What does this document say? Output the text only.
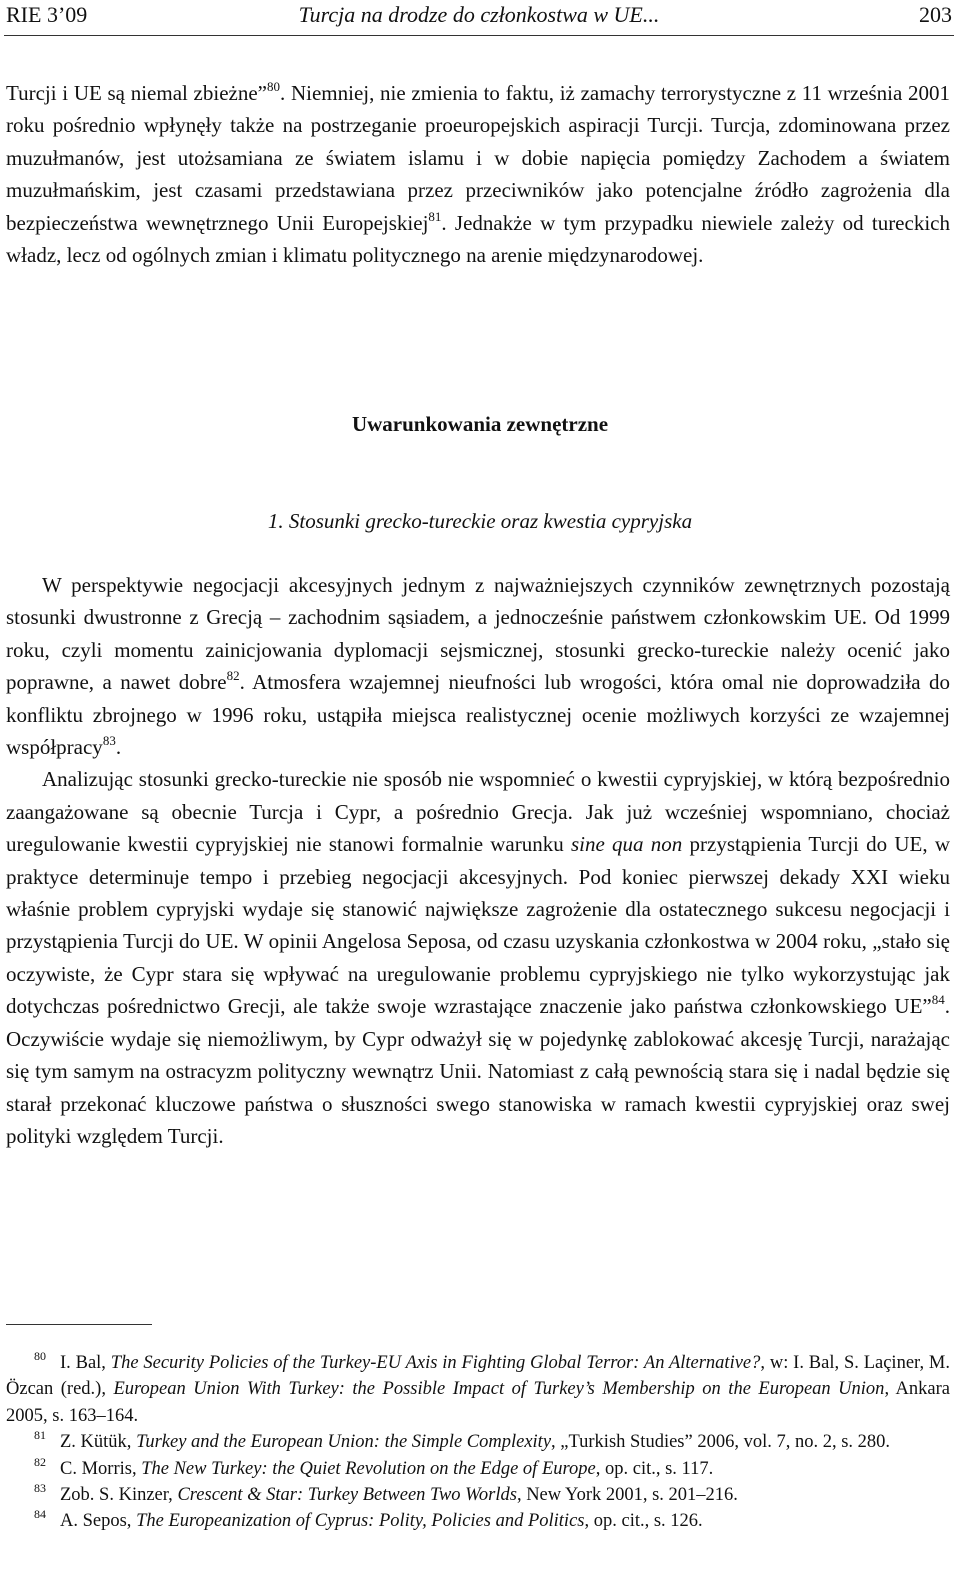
RIE 3’09	Turcja na drodze do członkostwa w UE...	203

Turcji i UE są niemal zbieżne”$^{80}$. Niemniej, nie zmienia to faktu, iż zamachy terrorystyczne z 11 września 2001 roku pośrednio wpłynęły także na postrzeganie proeuropejskich aspiracji Turcji. Turcja, zdominowana przez muzułmanów, jest utożsamiana ze światem islamu i w dobie napięcia pomiędzy Zachodem a światem muzułmańskim, jest czasami przedstawiana przez przeciwników jako potencjalne źródło zagrożenia dla bezpieczeństwa wewnętrznego Unii Europejskiej$^{81}$. Jednakże w tym przypadku niewiele zależy od tureckich władz, lecz od ogólnych zmian i klimatu politycznego na arenie międzynarodowej.

Uwarunkowania zewnętrzne
1. Stosunki grecko-tureckie oraz kwestia cypryjska

W perspektywie negocjacji akcesyjnych jednym z najważniejszych czynników zewnętrznych pozostają stosunki dwustronne z Grecją – zachodnim sąsiadem, a jednocześnie państwem członkowskim UE. Od 1999 roku, czyli momentu zainicjowania dyplomacji sejsmicznej, stosunki grecko-tureckie należy ocenić jako poprawne, a nawet dobre$^{82}$. Atmosfera wzajemnej nieufności lub wrogości, która omal nie doprowadziła do konfliktu zbrojnego w 1996 roku, ustąpiła miejsca realistycznej ocenie możliwych korzyści ze wzajemnej współpracy$^{83}$.

Analizując stosunki grecko-tureckie nie sposób nie wspomnieć o kwestii cypryjskiej, w którą bezpośrednio zaangażowane są obecnie Turcja i Cypr, a pośrednio Grecja. Jak już wcześniej wspomniano, chociaż uregulowanie kwestii cypryjskiej nie stanowi formalnie warunku sine qua non przystąpienia Turcji do UE, w praktyce determinuje tempo i przebieg negocjacji akcesyjnych. Pod koniec pierwszej dekady XXI wieku właśnie problem cypryjski wydaje się stanowić największe zagrożenie dla ostatecznego sukcesu negocjacji i przystąpienia Turcji do UE. W opinii Angelosa Seposa, od czasu uzyskania członkostwa w 2004 roku, „stało się oczywiste, że Cypr stara się wpływać na uregulowanie problemu cypryjskiego nie tylko wykorzystując jak dotychczas pośrednictwo Grecji, ale także swoje wzrastające znaczenie jako państwa członkowskiego UE”$^{84}$. Oczywiście wydaje się niemożliwym, by Cypr odważył się w pojedynkę zablokować akcesję Turcji, narażając się tym samym na ostracyzm polityczny wewnątrz Unii. Natomiast z całą pewnością stara się i nadal będzie się starał przekonać kluczowe państwa o słuszności swego stanowiska w ramach kwestii cypryjskiej oraz swej polityki względem Turcji.

$^{80}$ I. Bal, The Security Policies of the Turkey-EU Axis in Fighting Global Terror: An Alternative?, w: I. Bal, S. Laçiner, M. Özcan (red.), European Union With Turkey: the Possible Impact of Turkey’s Membership on the European Union, Ankara 2005, s. 163–164.

$^{81}$ Z. Kütük, Turkey and the European Union: the Simple Complexity, „Turkish Studies” 2006, vol. 7, no. 2, s. 280.

$^{82}$ C. Morris, The New Turkey: the Quiet Revolution on the Edge of Europe, op. cit., s. 117.

$^{83}$ Zob. S. Kinzer, Crescent & Star: Turkey Between Two Worlds, New York 2001, s. 201–216.

$^{84}$ A. Sepos, The Europeanization of Cyprus: Polity, Policies and Politics, op. cit., s. 126.
